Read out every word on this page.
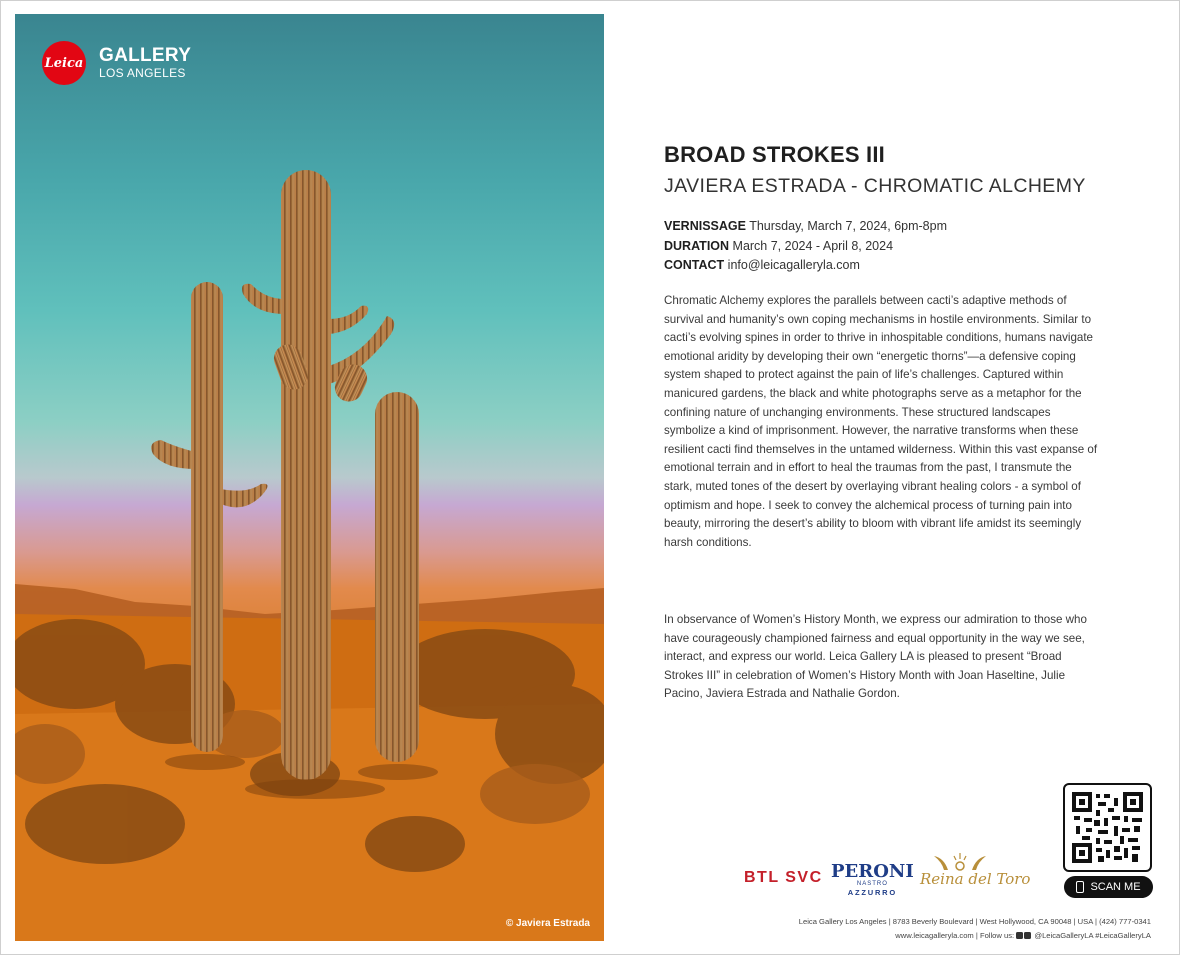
Leica GALLERY
LOS ANGELES
© Javiera Estrada
BROAD STROKES III
JAVIERA ESTRADA - CHROMATIC ALCHEMY
VERNISSAGE Thursday, March 7, 2024, 6pm-8pm
DURATION March 7, 2024 - April 8, 2024
CONTACT info@leicagalleryla.com

Chromatic Alchemy explores the parallels between cacti’s adaptive methods of survival and humanity’s own coping mechanisms in hostile environments. Similar to cacti’s evolving spines in order to thrive in inhospitable conditions, humans navigate emotional aridity by developing their own “energetic thorns”—a defensive coping system shaped to protect against the pain of life’s challenges. Captured within manicured gardens, the black and white photographs serve as a metaphor for the confining nature of unchanging environments. These structured landscapes symbolize a kind of imprisonment. However, the narrative transforms when these resilient cacti find themselves in the untamed wilderness. Within this vast expanse of emotional terrain and in effort to heal the traumas from the past, I transmute the stark, muted tones of the desert by overlaying vibrant healing colors - a symbol of optimism and hope. I seek to convey the alchemical process of turning pain into beauty, mirroring the desert’s ability to bloom with vibrant life amidst its seemingly harsh conditions.

In observance of Women’s History Month, we express our admiration to those who have courageously championed fairness and equal opportunity in the way we see, interact, and express our world. Leica Gallery LA is pleased to present “Broad Strokes III” in celebration of Women’s History Month with Joan Haseltine, Julie Pacino, Javiera Estrada and Nathalie Gordon.

BTL SVC PERONI
NASTRO
AZZURRO
Reina del Toro	SCAN ME
Leica Gallery Los Angeles | 8783 Beverly Boulevard | West Hollywood, CA 90048 | USA | (424) 777-0341
www.leicagalleryla.com | Follow us:	@LeicaGalleryLA #LeicaGalleryLA
